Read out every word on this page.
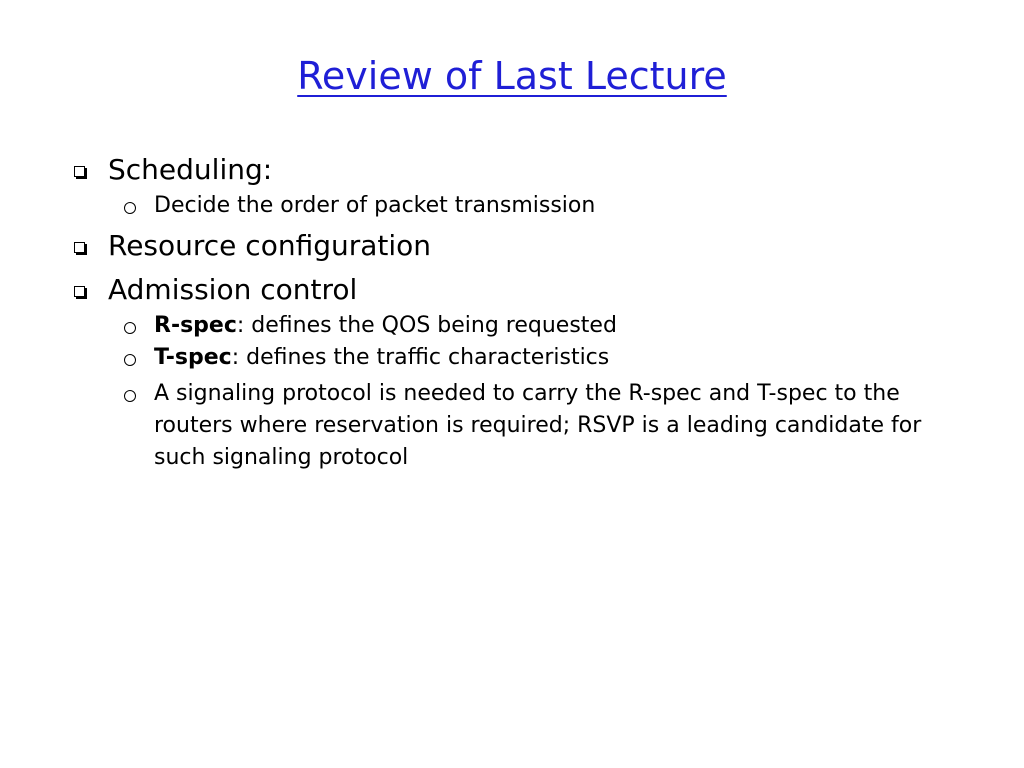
Review of Last Lecture
Scheduling:
Decide the order of packet transmission
Resource configuration
Admission control
R-spec: defines the QOS being requested
T-spec: defines the traffic characteristics
A signaling protocol is needed to carry the R-spec and T-spec to the routers where reservation is required; RSVP is a leading candidate for such signaling protocol
